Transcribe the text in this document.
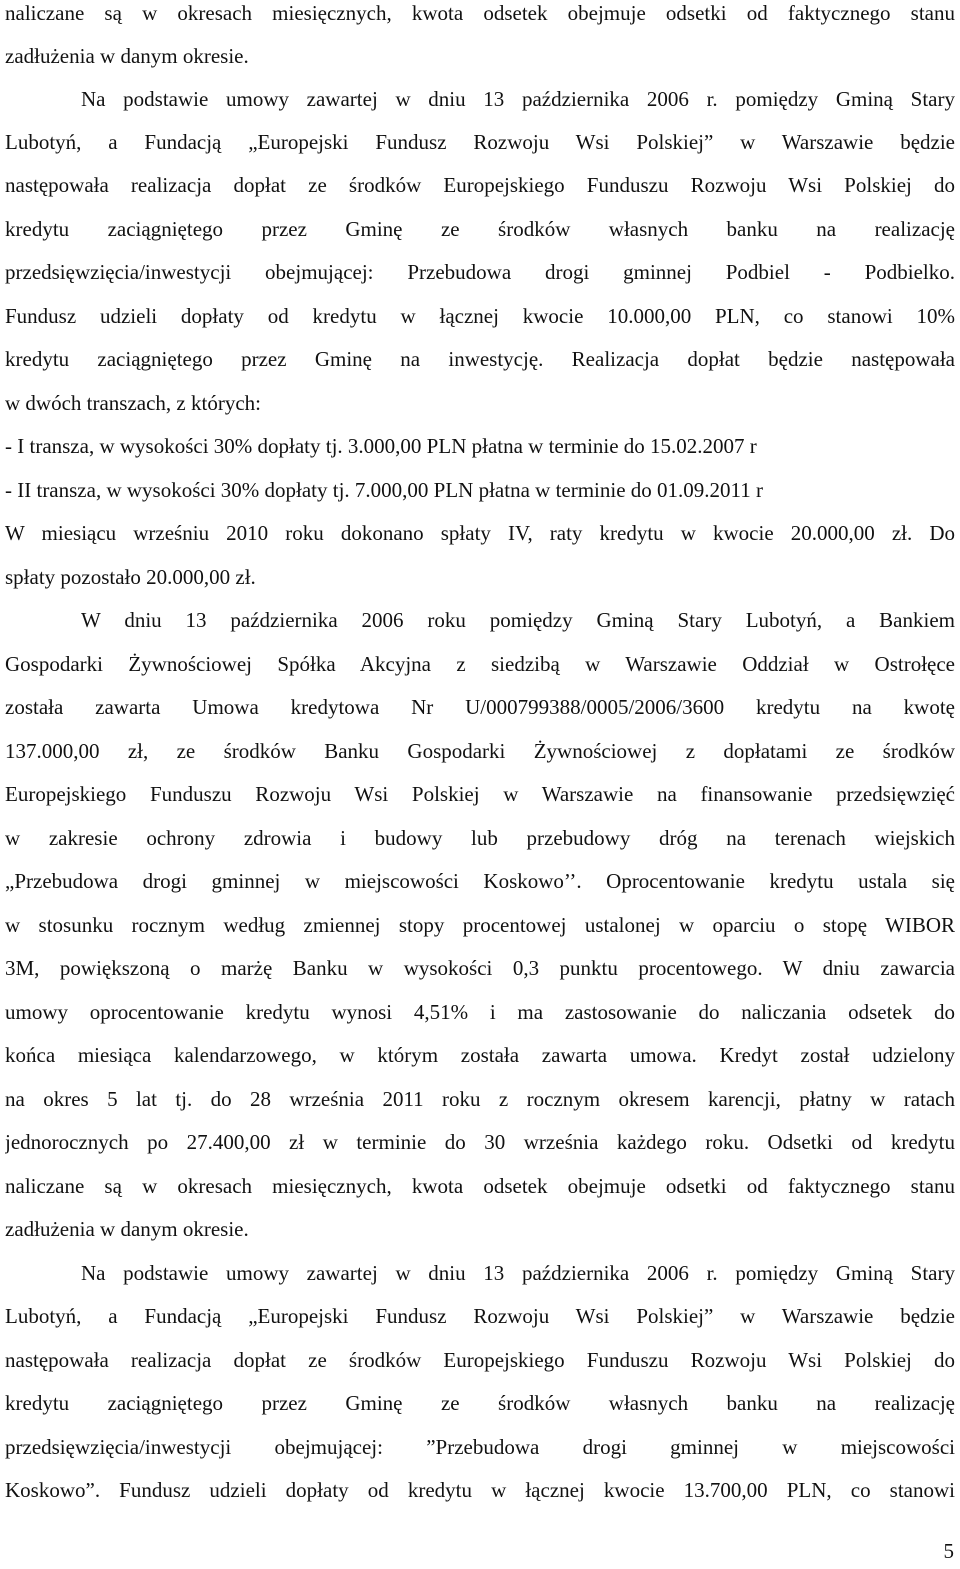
naliczane są w okresach miesięcznych, kwota odsetek obejmuje odsetki od faktycznego stanu
zadłużenia w danym okresie.
Na podstawie umowy zawartej w dniu 13 października 2006 r. pomiędzy Gminą Stary
Lubotyń, a Fundacją „Europejski Fundusz Rozwoju Wsi Polskiej” w Warszawie będzie
następowała realizacja dopłat ze środków Europejskiego Funduszu Rozwoju Wsi Polskiej do
kredytu zaciągniętego przez Gminę ze środków własnych banku na realizację
przedsięwzięcia/inwestycji obejmującej: Przebudowa drogi gminnej Podbiel - Podbielko.
Fundusz udzieli dopłaty od kredytu w łącznej kwocie 10.000,00 PLN, co stanowi 10%
kredytu zaciągniętego przez Gminę na inwestycję. Realizacja dopłat będzie następowała
w dwóch transzach, z których:
- I transza, w wysokości 30% dopłaty tj. 3.000,00 PLN płatna w terminie do 15.02.2007 r
- II transza, w wysokości 30% dopłaty tj. 7.000,00 PLN płatna w terminie do 01.09.2011 r
W miesiącu wrześniu 2010 roku dokonano spłaty IV, raty kredytu w kwocie 20.000,00 zł. Do
spłaty pozostało 20.000,00 zł.
W dniu 13 października 2006 roku pomiędzy Gminą Stary Lubotyń, a Bankiem
Gospodarki Żywnościowej Spółka Akcyjna z siedzibą w Warszawie Oddział w Ostrołęce
została zawarta Umowa kredytowa Nr U/000799388/0005/2006/3600 kredytu na kwotę
137.000,00 zł, ze środków Banku Gospodarki Żywnościowej z dopłatami ze środków
Europejskiego Funduszu Rozwoju Wsi Polskiej w Warszawie na finansowanie przedsięwzięć
w zakresie ochrony zdrowia i budowy lub przebudowy dróg na terenach wiejskich
„Przebudowa drogi gminnej w miejscowości Koskowo’’. Oprocentowanie kredytu ustala się
w stosunku rocznym według zmiennej stopy procentowej ustalonej w oparciu o stopę WIBOR
3M, powiększoną o marżę Banku w wysokości 0,3 punktu procentowego. W dniu zawarcia
umowy oprocentowanie kredytu wynosi 4,51% i ma zastosowanie do naliczania odsetek do
końca miesiąca kalendarzowego, w którym została zawarta umowa. Kredyt został udzielony
na okres 5 lat tj. do 28 września 2011 roku z rocznym okresem karencji, płatny w ratach
jednorocznych po 27.400,00 zł w terminie do 30 września każdego roku. Odsetki od kredytu
naliczane są w okresach miesięcznych, kwota odsetek obejmuje odsetki od faktycznego stanu
zadłużenia w danym okresie.
Na podstawie umowy zawartej w dniu 13 października 2006 r. pomiędzy Gminą Stary
Lubotyń, a Fundacją „Europejski Fundusz Rozwoju Wsi Polskiej” w Warszawie będzie
następowała realizacja dopłat ze środków Europejskiego Funduszu Rozwoju Wsi Polskiej do
kredytu zaciągniętego przez Gminę ze środków własnych banku na realizację
przedsięwzięcia/inwestycji obejmującej: ”Przebudowa drogi gminnej w miejscowości
Koskowo”. Fundusz udzieli dopłaty od kredytu w łącznej kwocie 13.700,00 PLN, co stanowi
5
